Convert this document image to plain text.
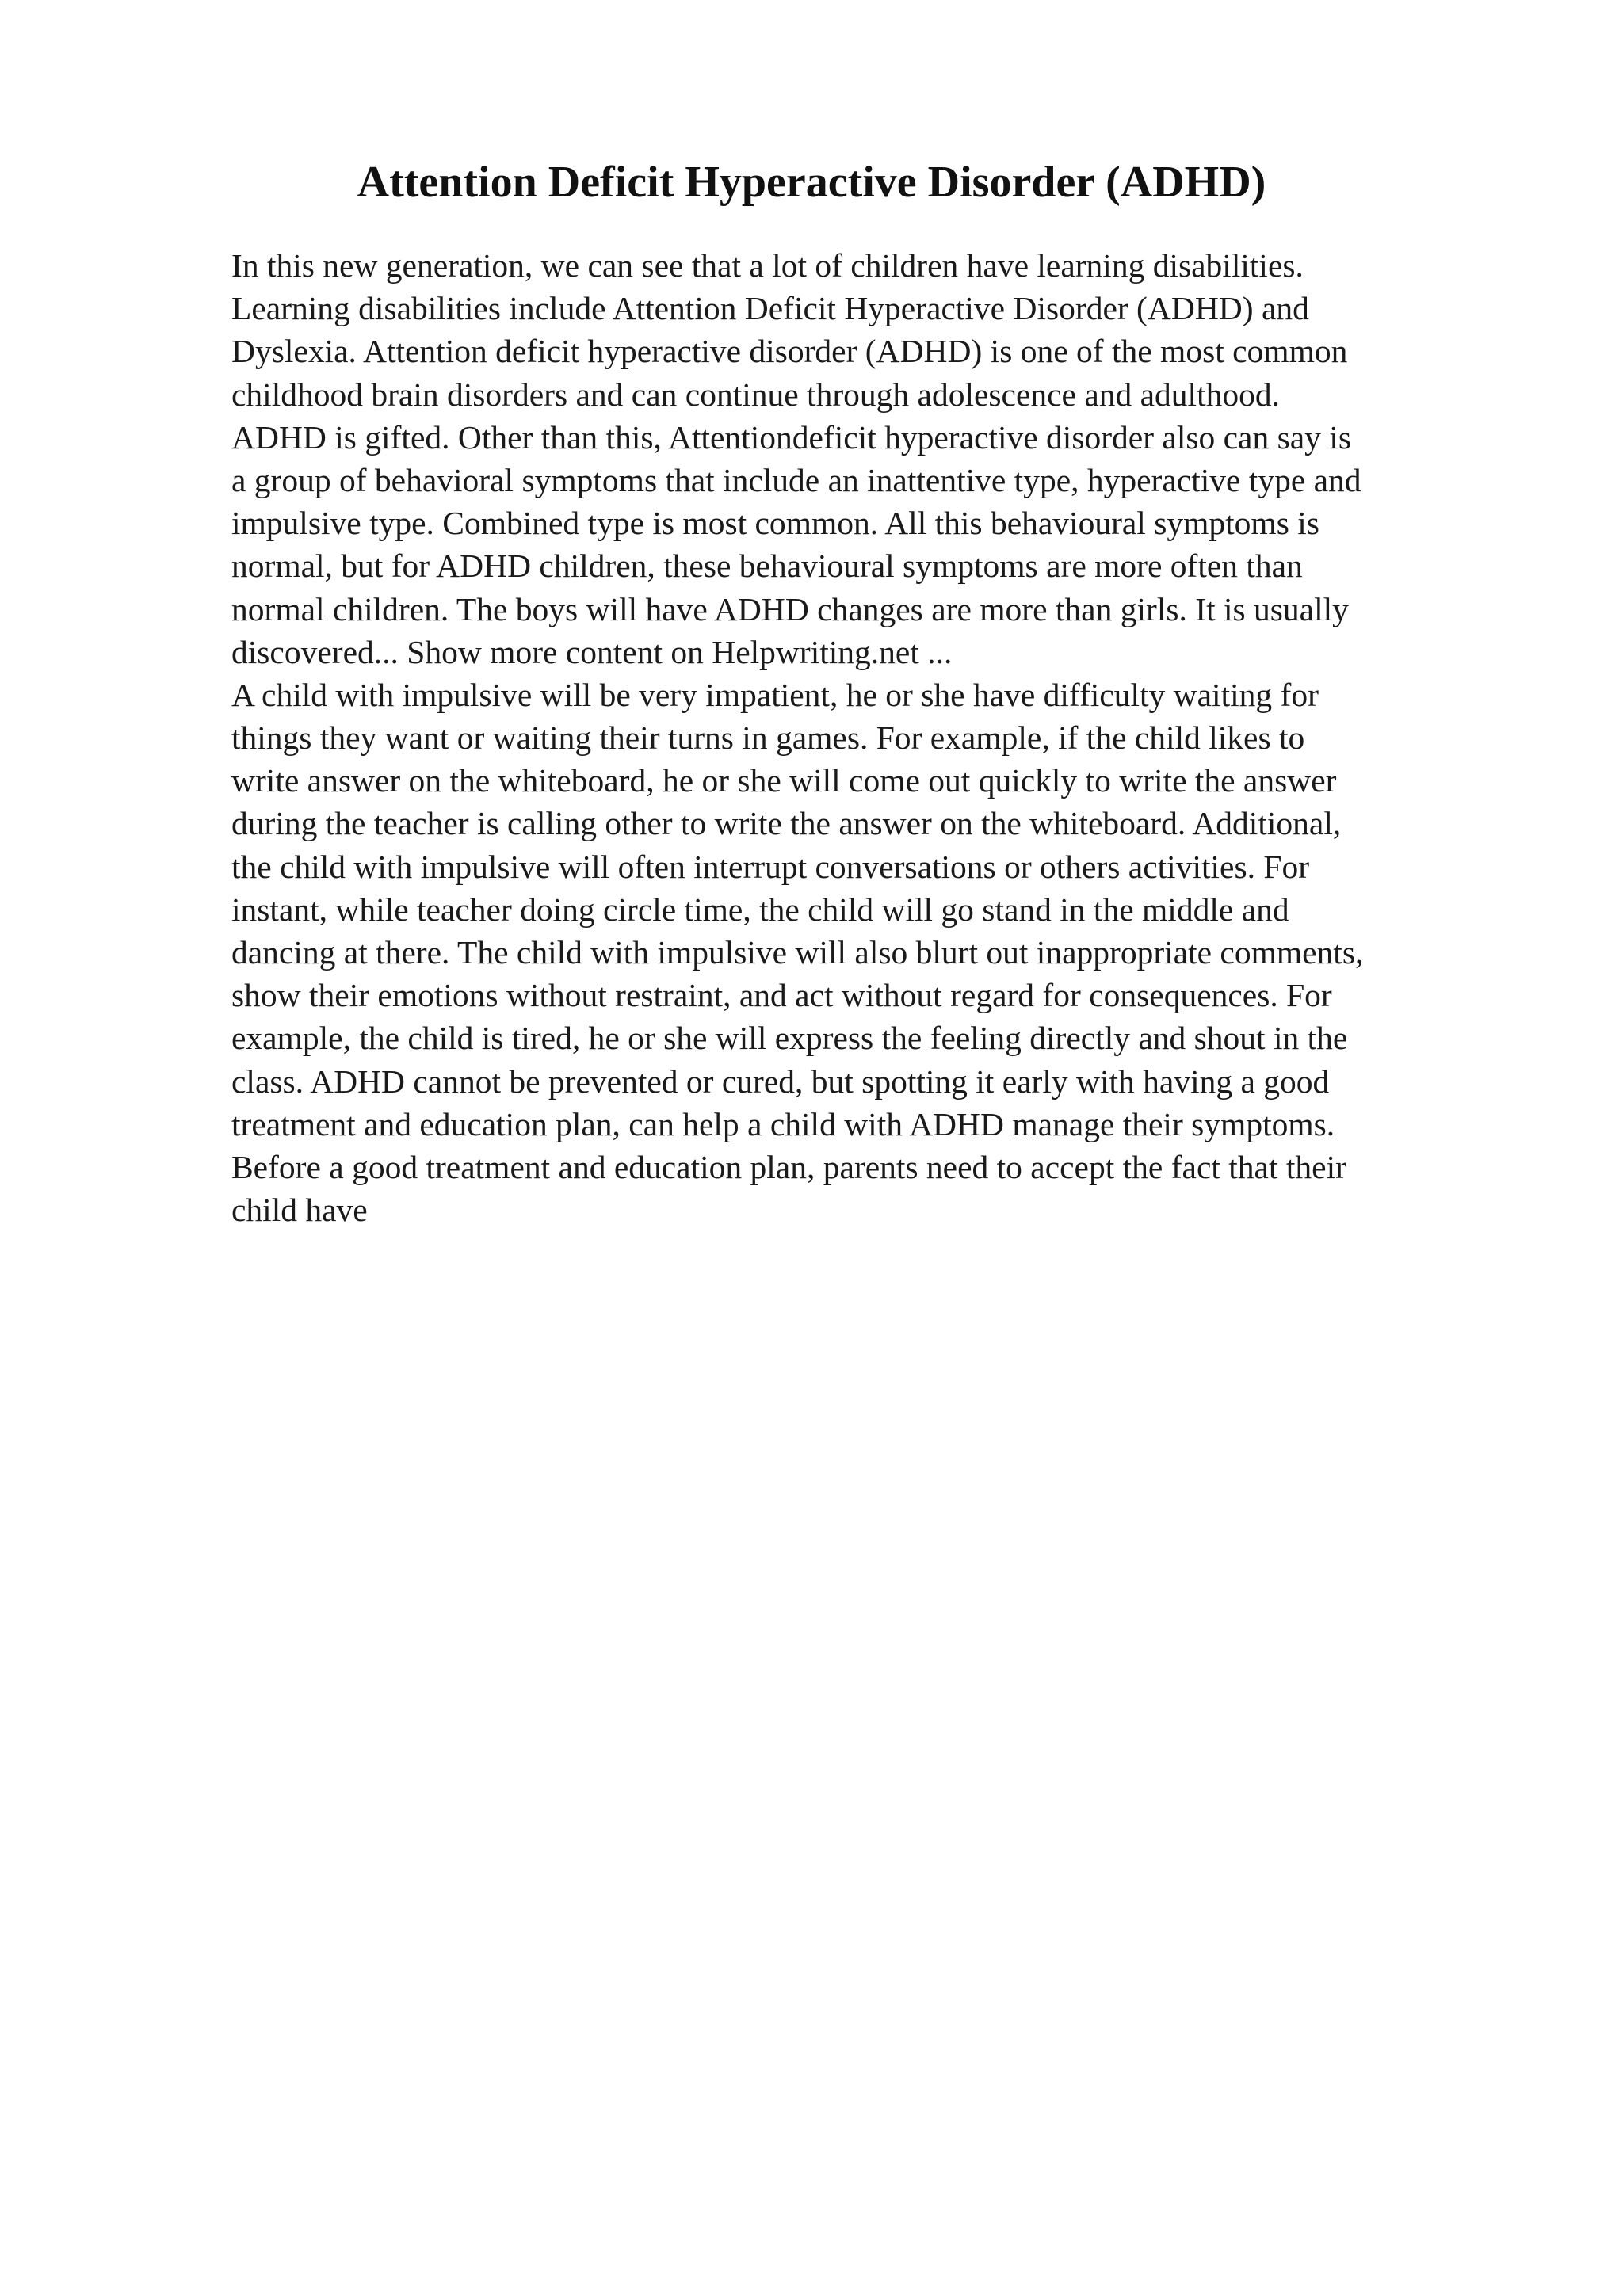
Attention Deficit Hyperactive Disorder (ADHD)
In this new generation, we can see that a lot of children have learning disabilities.
Learning disabilities include Attention Deficit Hyperactive Disorder (ADHD) and
Dyslexia. Attention deficit hyperactive disorder (ADHD) is one of the most common
childhood brain disorders and can continue through adolescence and adulthood.
ADHD is gifted. Other than this, Attentiondeficit hyperactive disorder also can say is
a group of behavioral symptoms that include an inattentive type, hyperactive type and
impulsive type. Combined type is most common. All this behavioural symptoms is
normal, but for ADHD children, these behavioural symptoms are more often than
normal children. The boys will have ADHD changes are more than girls. It is usually
discovered... Show more content on Helpwriting.net ...
A child with impulsive will be very impatient, he or she have difficulty waiting for
things they want or waiting their turns in games. For example, if the child likes to
write answer on the whiteboard, he or she will come out quickly to write the answer
during the teacher is calling other to write the answer on the whiteboard. Additional,
the child with impulsive will often interrupt conversations or others activities. For
instant, while teacher doing circle time, the child will go stand in the middle and
dancing at there. The child with impulsive will also blurt out inappropriate comments,
show their emotions without restraint, and act without regard for consequences. For
example, the child is tired, he or she will express the feeling directly and shout in the
class. ADHD cannot be prevented or cured, but spotting it early with having a good
treatment and education plan, can help a child with ADHD manage their symptoms.
Before a good treatment and education plan, parents need to accept the fact that their
child have
